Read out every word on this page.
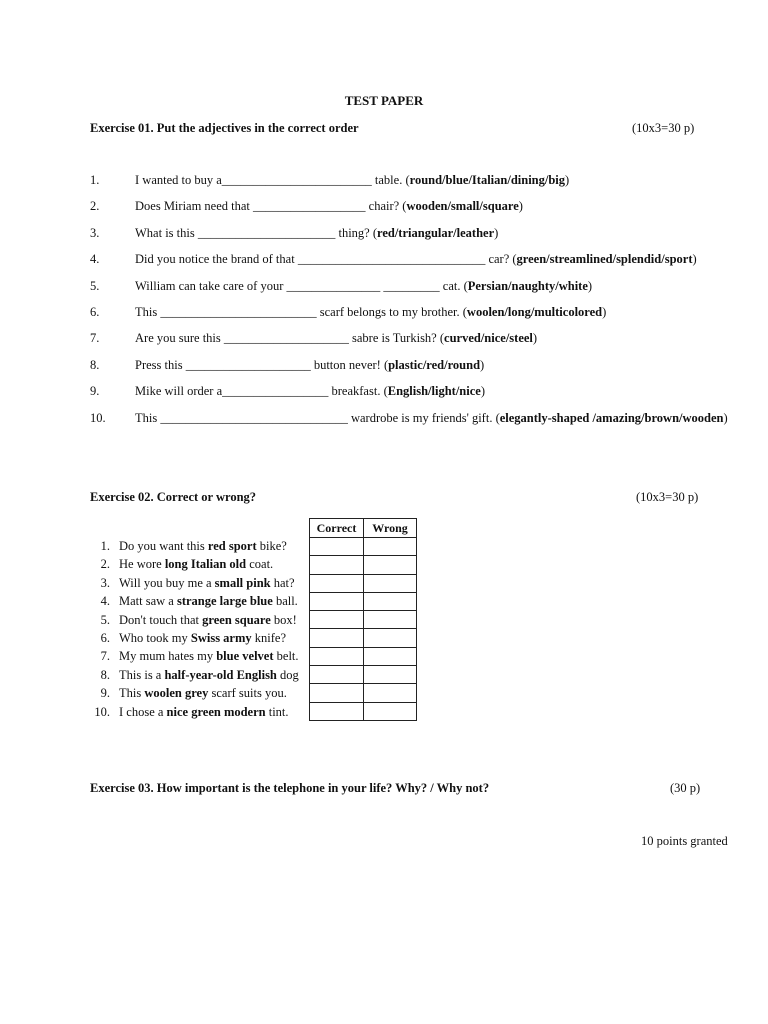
TEST PAPER
Exercise 01. Put the adjectives in the correct order	(10x3=30 p)
1.	I wanted to buy a________________________ table. (round/blue/Italian/dining/big)
2.	Does Miriam need that __________________ chair? (wooden/small/square)
3.	What is this ______________________ thing? (red/triangular/leather)
4.	Did you notice the brand of that ______________________________ car? (green/streamlined/splendid/sport)
5.	William can take care of your _______________ _________ cat. (Persian/naughty/white)
6.	This _________________________ scarf belongs to my brother. (woolen/long/multicolored)
7.	Are you sure this ____________________ sabre is Turkish? (curved/nice/steel)
8.	Press this ____________________ button never! (plastic/red/round)
9.	Mike will order a_________________ breakfast. (English/light/nice)
10. This ______________________________ wardrobe is my friends' gift. (elegantly-shaped /amazing/brown/wooden)
Exercise 02. Correct or wrong?	(10x3=30 p)
Correct	Wrong

1. Do you want this red sport bike?
2. He wore long Italian old coat.
3. Will you buy me a small pink hat?
4. Matt saw a strange large blue ball.
5. Don't touch that green square box!
6. Who took my Swiss army knife?
7. My mum hates my blue velvet belt.
8. This is a half-year-old English dog
9. This woolen grey scarf suits you.
10. I chose a nice green modern tint.
Exercise 03. How important is the telephone in your life? Why? / Why not?	(30 p)
10 points granted
